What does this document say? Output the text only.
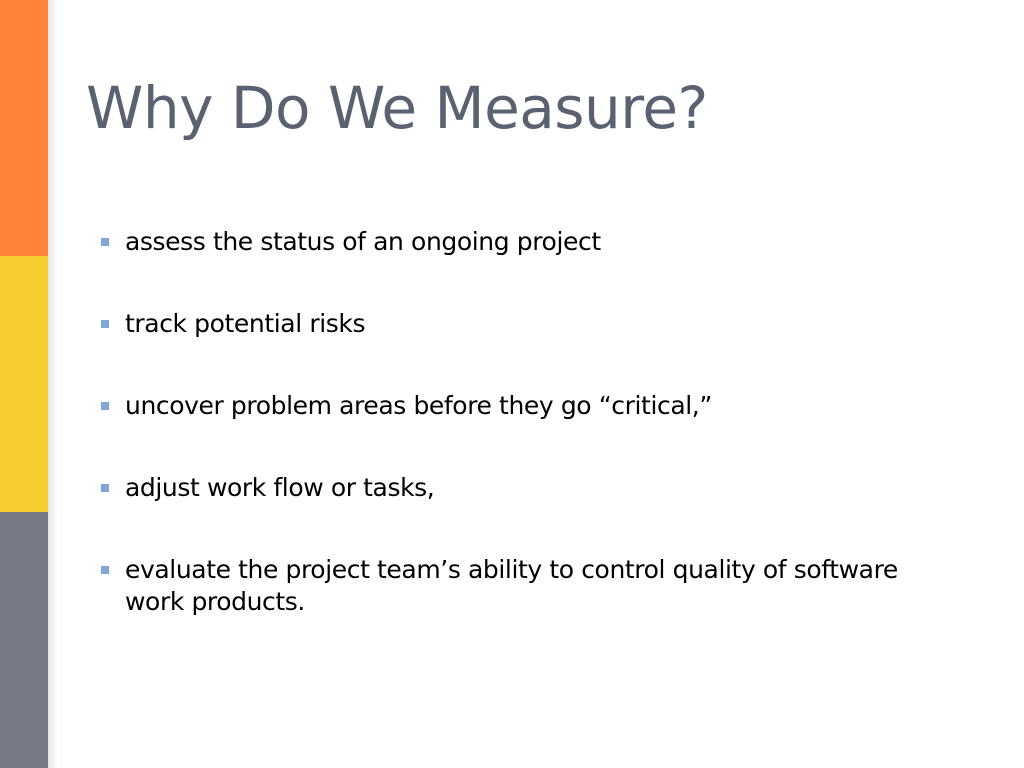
Why Do We Measure?
assess the status of an ongoing project
track potential risks
uncover problem areas before they go “critical,”
adjust work flow or tasks,
evaluate the project team’s ability to control quality of software work products.
